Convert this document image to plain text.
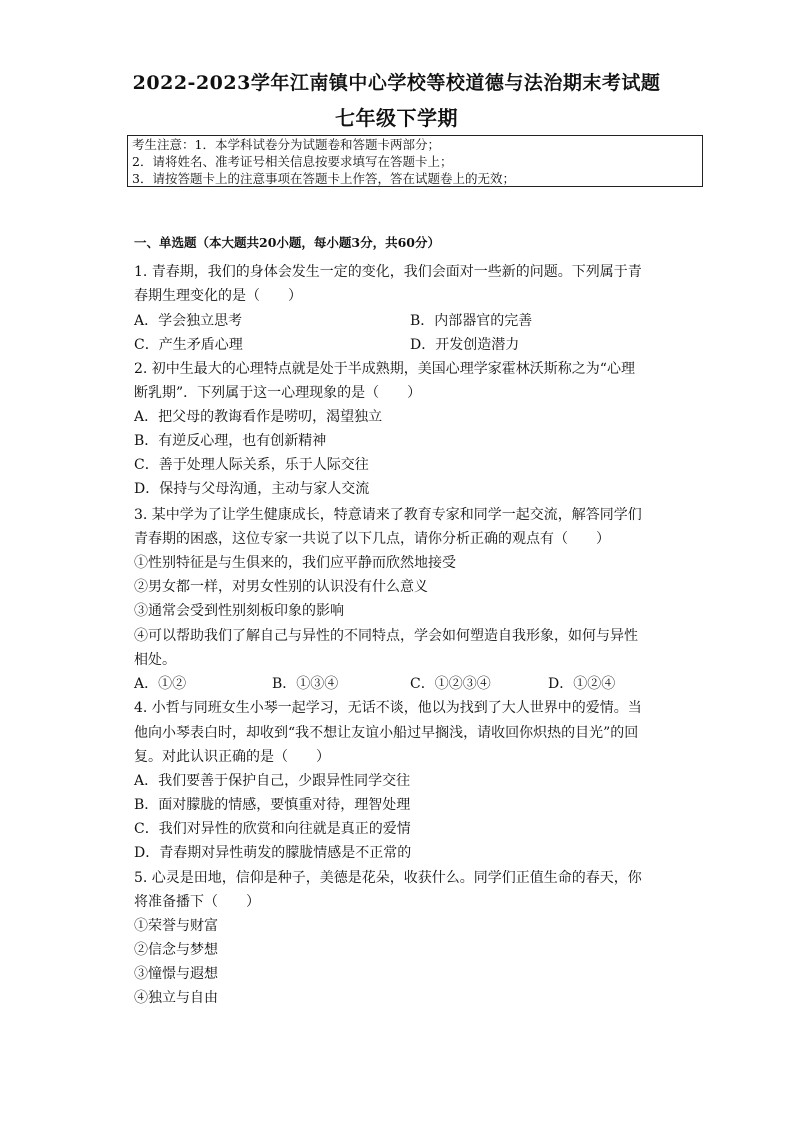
2022-2023学年江南镇中心学校等校道德与法治期末考试题
七年级下学期
考生注意：1．本学科试卷分为试题卷和答题卡两部分；
2．请将姓名、准考证号相关信息按要求填写在答题卡上；
3．请按答题卡上的注意事项在答题卡上作答，答在试题卷上的无效；
一、单选题（本大题共20小题，每小题3分，共60分）
1. 青春期，我们的身体会发生一定的变化，我们会面对一些新的问题。下列属于青
春期生理变化的是（　　）
A．学会独立思考	B．内部器官的完善
C．产生矛盾心理	D．开发创造潜力
2. 初中生最大的心理特点就是处于半成熟期，美国心理学家霍林沃斯称之为“心理
断乳期”．下列属于这一心理现象的是（　　）
A．把父母的教诲看作是唠叨，渴望独立
B．有逆反心理，也有创新精神
C．善于处理人际关系，乐于人际交往
D．保持与父母沟通，主动与家人交流
3. 某中学为了让学生健康成长，特意请来了教育专家和同学一起交流，解答同学们
青春期的困惑，这位专家一共说了以下几点，请你分析正确的观点有（　　）
①性别特征是与生俱来的，我们应平静而欣然地接受
②男女都一样，对男女性别的认识没有什么意义
③通常会受到性别刻板印象的影响
④可以帮助我们了解自己与异性的不同特点，学会如何塑造自我形象，如何与异性
相处。
A．①②	B．①③④	C．①②③④	D．①②④
4. 小哲与同班女生小琴一起学习，无话不谈，他以为找到了大人世界中的爱情。当
他向小琴表白时，却收到“我不想让友谊小船过早搁浅，请收回你炽热的目光”的回
复。对此认识正确的是（　　）
A．我们要善于保护自己，少跟异性同学交往
B．面对朦胧的情感，要慎重对待，理智处理
C．我们对异性的欣赏和向往就是真正的爱情
D．青春期对异性萌发的朦胧情感是不正常的
5. 心灵是田地，信仰是种子，美德是花朵，收获什么。同学们正值生命的春天，你
将准备播下（　　）
①荣誉与财富
②信念与梦想
③憧憬与遐想
④独立与自由
